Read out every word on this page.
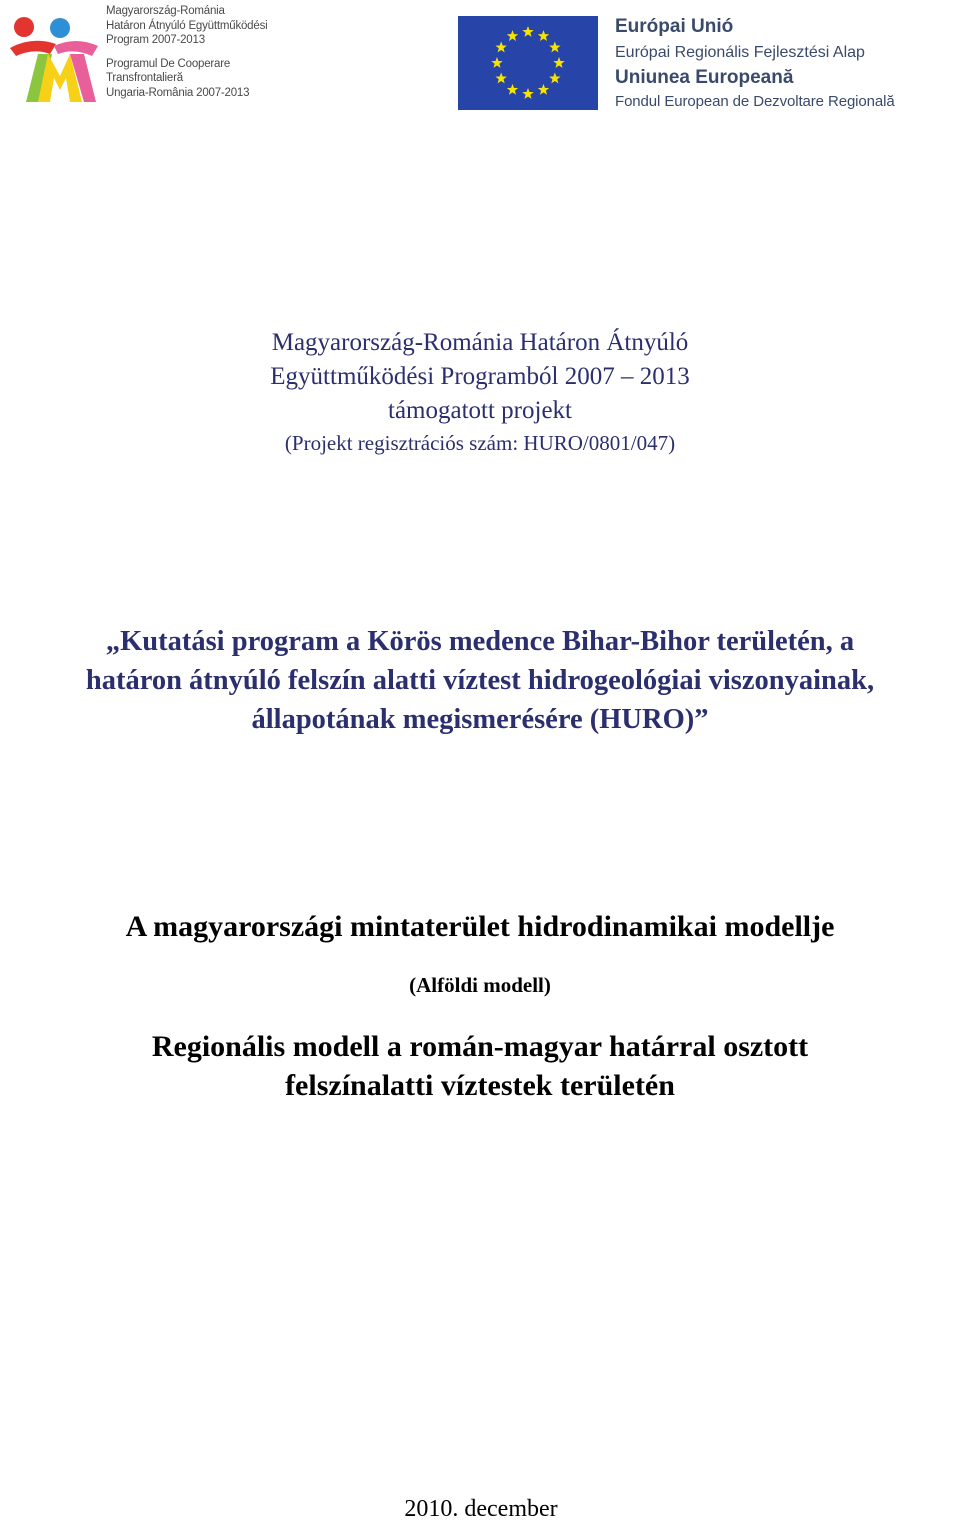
Magyarország-Románia
Határon Átnyúló Együttműködési
Program 2007-2013
Programul De Cooperare
Transfrontalieră
Ungaria-România 2007-2013
Európai Unió
Európai Regionális Fejlesztési Alap
Uniunea Europeană
Fondul European de Dezvoltare Regională
Magyarország-Románia Határon Átnyúló
Együttműködési Programból 2007 – 2013
támogatott projekt
(Projekt regisztrációs szám: HURO/0801/047)
„Kutatási program a Körös medence Bihar-Bihor területén, a
határon átnyúló felszín alatti víztest hidrogeológiai viszonyainak,
állapotának megismerésére (HURO)”
A magyarországi mintaterület hidrodinamikai modellje
(Alföldi modell)
Regionális modell a román-magyar határral osztott
felszínalatti víztestek területén
2010. december
